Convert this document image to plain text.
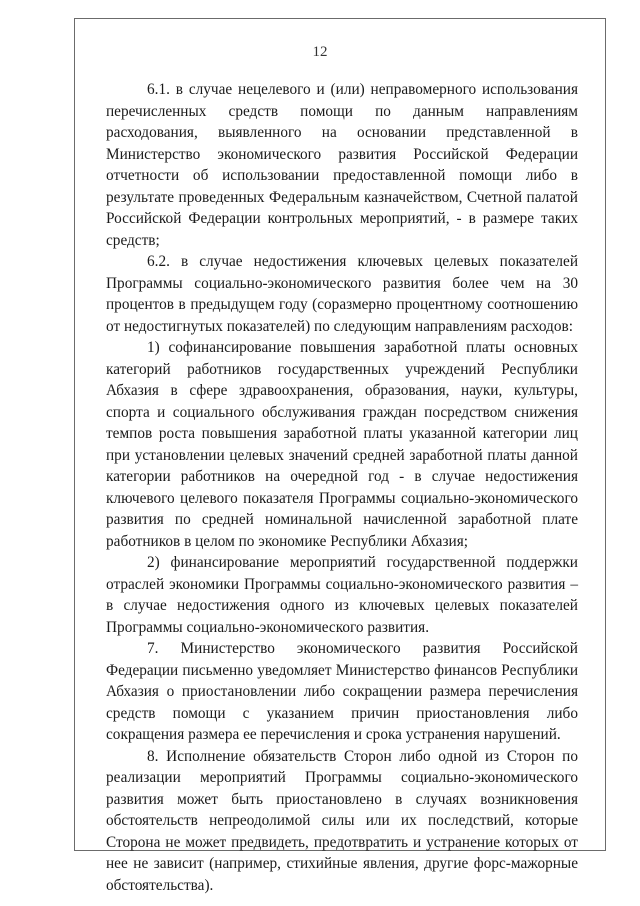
12

6.1. в случае нецелевого и (или) неправомерного использования перечисленных средств помощи по данным направлениям расходования, выявленного на основании представленной в Министерство экономического развития Российской Федерации отчетности об использовании предоставленной помощи либо в результате проведенных Федеральным казначейством, Счетной палатой Российской Федерации контрольных мероприятий, - в размере таких средств;

6.2. в случае недостижения ключевых целевых показателей Программы социально-экономического развития более чем на 30 процентов в предыдущем году (соразмерно процентному соотношению от недостигнутых показателей) по следующим направлениям расходов:

1) софинансирование повышения заработной платы основных категорий работников государственных учреждений Республики Абхазия в сфере здравоохранения, образования, науки, культуры, спорта и социального обслуживания граждан посредством снижения темпов роста повышения заработной платы указанной категории лиц при установлении целевых значений средней заработной платы данной категории работников на очередной год - в случае недостижения ключевого целевого показателя Программы социально-экономического развития по средней номинальной начисленной заработной плате работников в целом по экономике Республики Абхазия;

2) финансирование мероприятий государственной поддержки отраслей экономики Программы социально-экономического развития – в случае недостижения одного из ключевых целевых показателей Программы социально-экономического развития.

7. Министерство экономического развития Российской Федерации письменно уведомляет Министерство финансов Республики Абхазия о приостановлении либо сокращении размера перечисления средств помощи с указанием причин приостановления либо сокращения размера ее перечисления и срока устранения нарушений.

8. Исполнение обязательств Сторон либо одной из Сторон по реализации мероприятий Программы социально-экономического развития может быть приостановлено в случаях возникновения обстоятельств непреодолимой силы или их последствий, которые Сторона не может предвидеть, предотвратить и устранение которых от нее не зависит (например, стихийные явления, другие форс-мажорные обстоятельства).
